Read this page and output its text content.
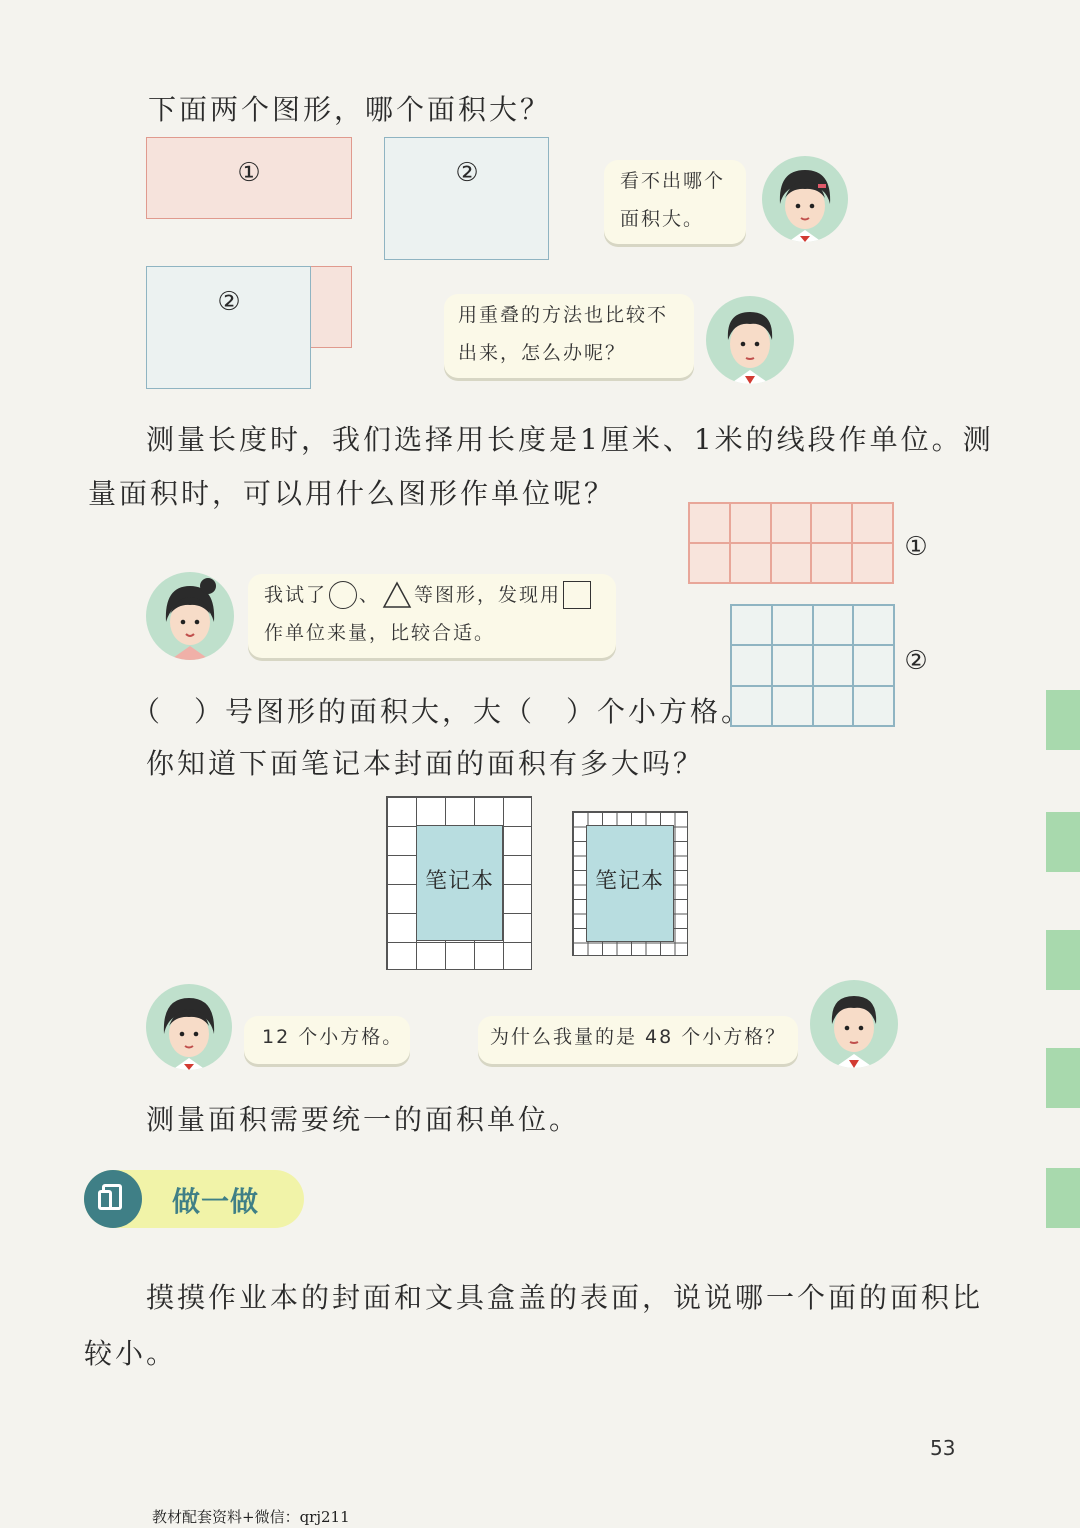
下面两个图形，哪个面积大？
①	②
②
看不出哪个
面积大。
用重叠的方法也比较不
出来，怎么办呢？
测量长度时，我们选择用长度是1厘米、1米的线段作单位。测
量面积时，可以用什么图形作单位呢？
①
②
我试了 、 等图形，发现用
作单位来量，比较合适。
（　）号图形的面积大，大（　）个小方格。
你知道下面笔记本封面的面积有多大吗？
笔记本	笔记本
12 个小方格。	为什么我量的是 48 个小方格？
测量面积需要统一的面积单位。
做一做
摸摸作业本的封面和文具盒盖的表面，说说哪一个面的面积比
较小。
53
教材配套资料+微信：qrj211
